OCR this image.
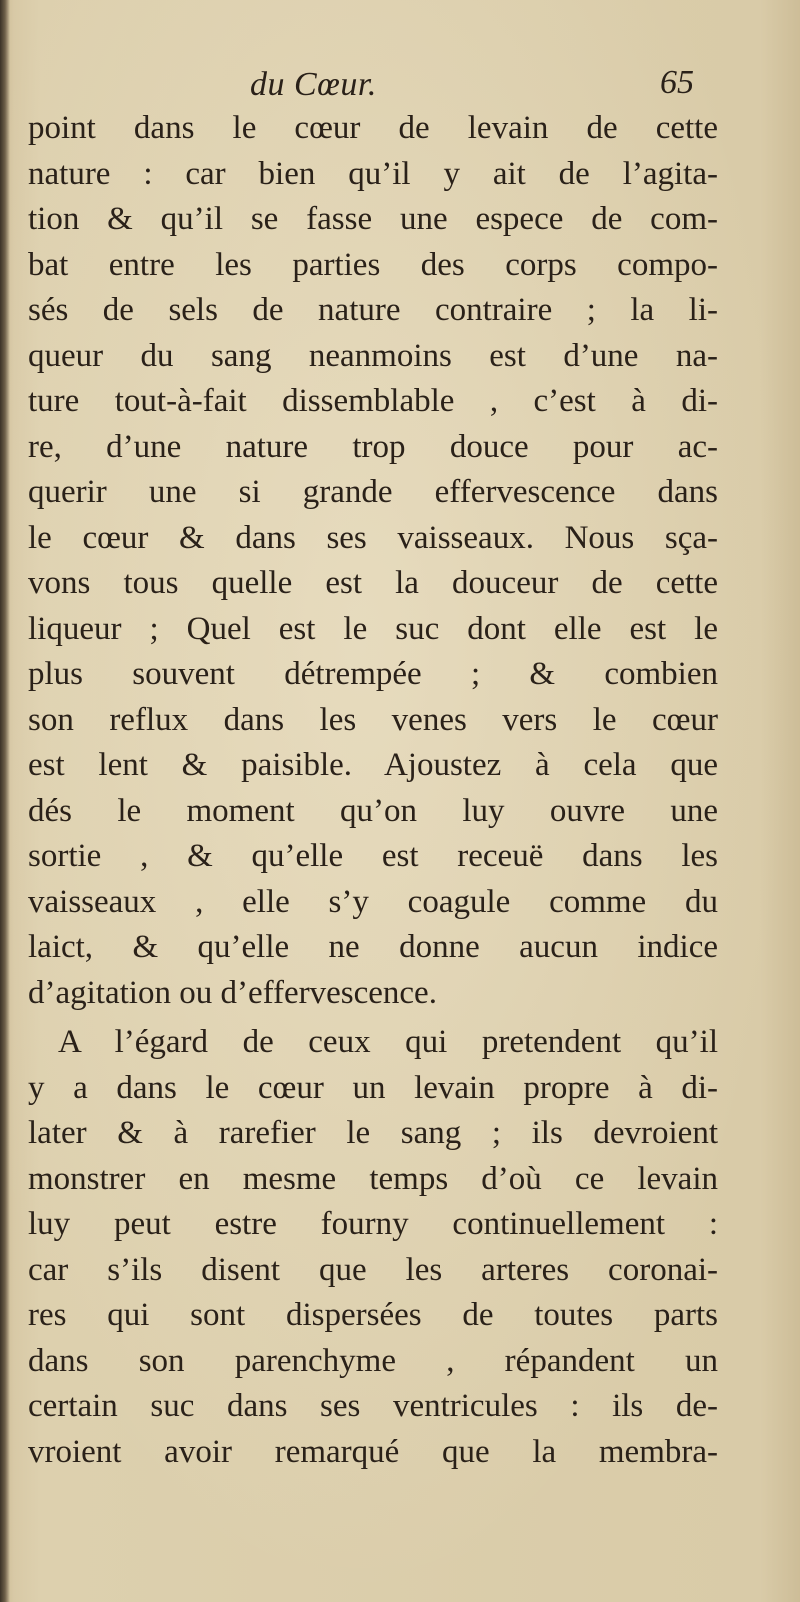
du Cœur.	65
point dans le cœur de levain de cette
nature : car bien qu’il y ait de l’agita-
tion & qu’il se fasse une espece de com-
bat entre les parties des corps compo-
sés de sels de nature contraire ; la li-
queur du sang neanmoins est d’une na-
ture tout-à-fait dissemblable , c’est à di-
re, d’une nature trop douce pour ac-
querir une si grande effervescence dans
le cœur & dans ses vaisseaux. Nous sça-
vons tous quelle est la douceur de cette
liqueur ; Quel est le suc dont elle est le
plus souvent détrempée ; & combien
son reflux dans les venes vers le cœur
est lent & paisible. Ajoustez à cela que
dés le moment qu’on luy ouvre une
sortie , & qu’elle est receuë dans les
vaisseaux , elle s’y coagule comme du
laict, & qu’elle ne donne aucun indice
d’agitation ou d’effervescence.
A l’égard de ceux qui pretendent qu’il
y a dans le cœur un levain propre à di-
later & à rarefier le sang ; ils devroient
monstrer en mesme temps d’où ce levain
luy peut estre fourny continuellement :
car s’ils disent que les arteres coronai-
res qui sont dispersées de toutes parts
dans son parenchyme , répandent un
certain suc dans ses ventricules : ils de-
vroient avoir remarqué que la membra-
